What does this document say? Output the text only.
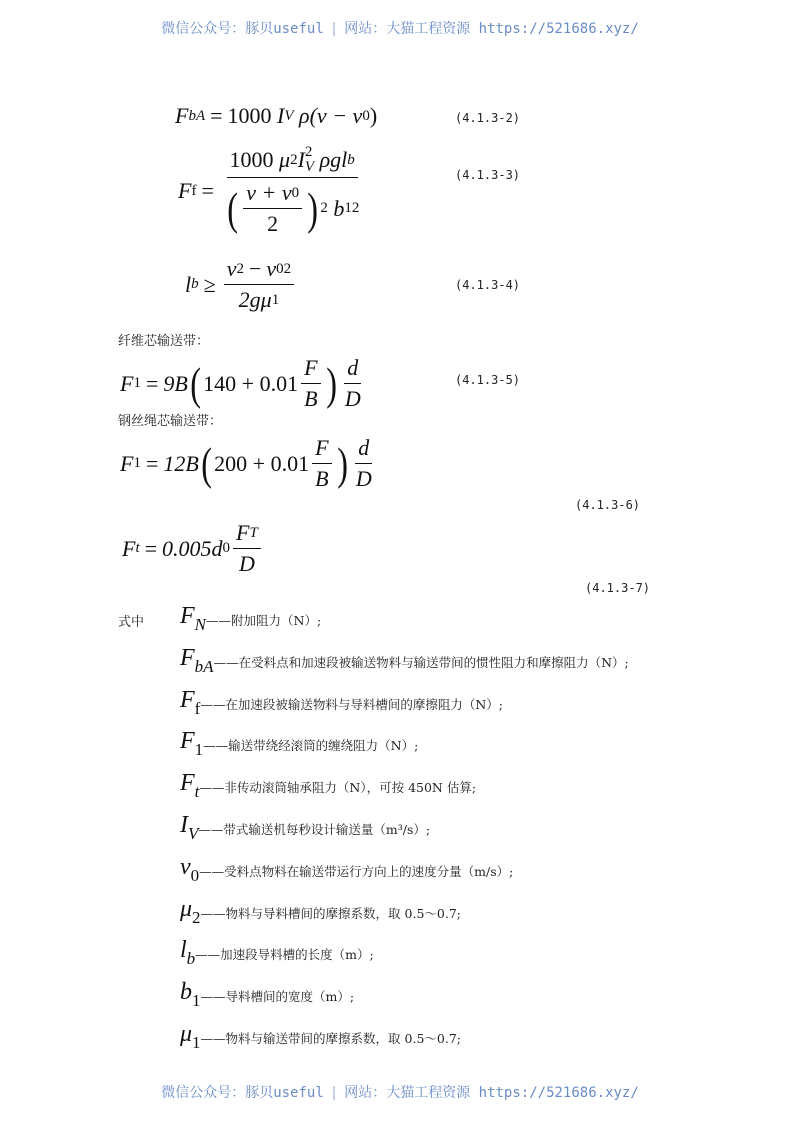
微信公众号：豚贝useful | 网站：大猫工程资源 https://521686.xyz/
F bA = 1000
I V
ρ(ν − ν 0 )	(4.1.3-2)
F f = 1000
μ 2 I 2
V
ρgl b
( $\frac{\nu + \nu 0}{2}$ ) 2
b 1 2	(4.1.3-3)
l $b \ge \frac{\nu 2 - \nu 0 2}{2g\mu 1}$	(4.1.3-4)
纤维芯输送带：
F 1 = 9B ( $140 + 0.01 \frac{F}{B}$ ) $\frac{d}{D}$	(4.1.3-5)
钢丝绳芯输送带：
F 1 = 12B ( $200 + 0.01 \frac{F}{B}$ ) $\frac{d}{D}$
(4.1.3-6)
F t = 0.005d $0 \frac{\text{F T}}{D}$
(4.1.3-7)
式中 $F_N$ ——附加阻力（N）;
$F_{bA}$ ——在受料点和加速段被输送物料与输送带间的惯性阻力和摩擦阻力（N）;
$F_f$ ——在加速段被输送物料与导料槽间的摩擦阻力（N）;
$F_1$ ——输送带绕经滚筒的缠绕阻力（N）;
$F_t$ ——非传动滚筒轴承阻力（N），可按 450N 估算;
$I_V$ ——带式输送机每秒设计输送量（m³/s）;
$\nu_0$ ——受料点物料在输送带运行方向上的速度分量（m/s）;
$\mu_2$ ——物料与导料槽间的摩擦系数，取 0.5～0.7;
$l_b$ ——加速段导料槽的长度（m）;
$b_1$ ——导料槽间的宽度（m）;
$\mu_1$ ——物料与输送带间的摩擦系数，取 0.5～0.7;
微信公众号：豚贝useful | 网站：大猫工程资源 https://521686.xyz/
